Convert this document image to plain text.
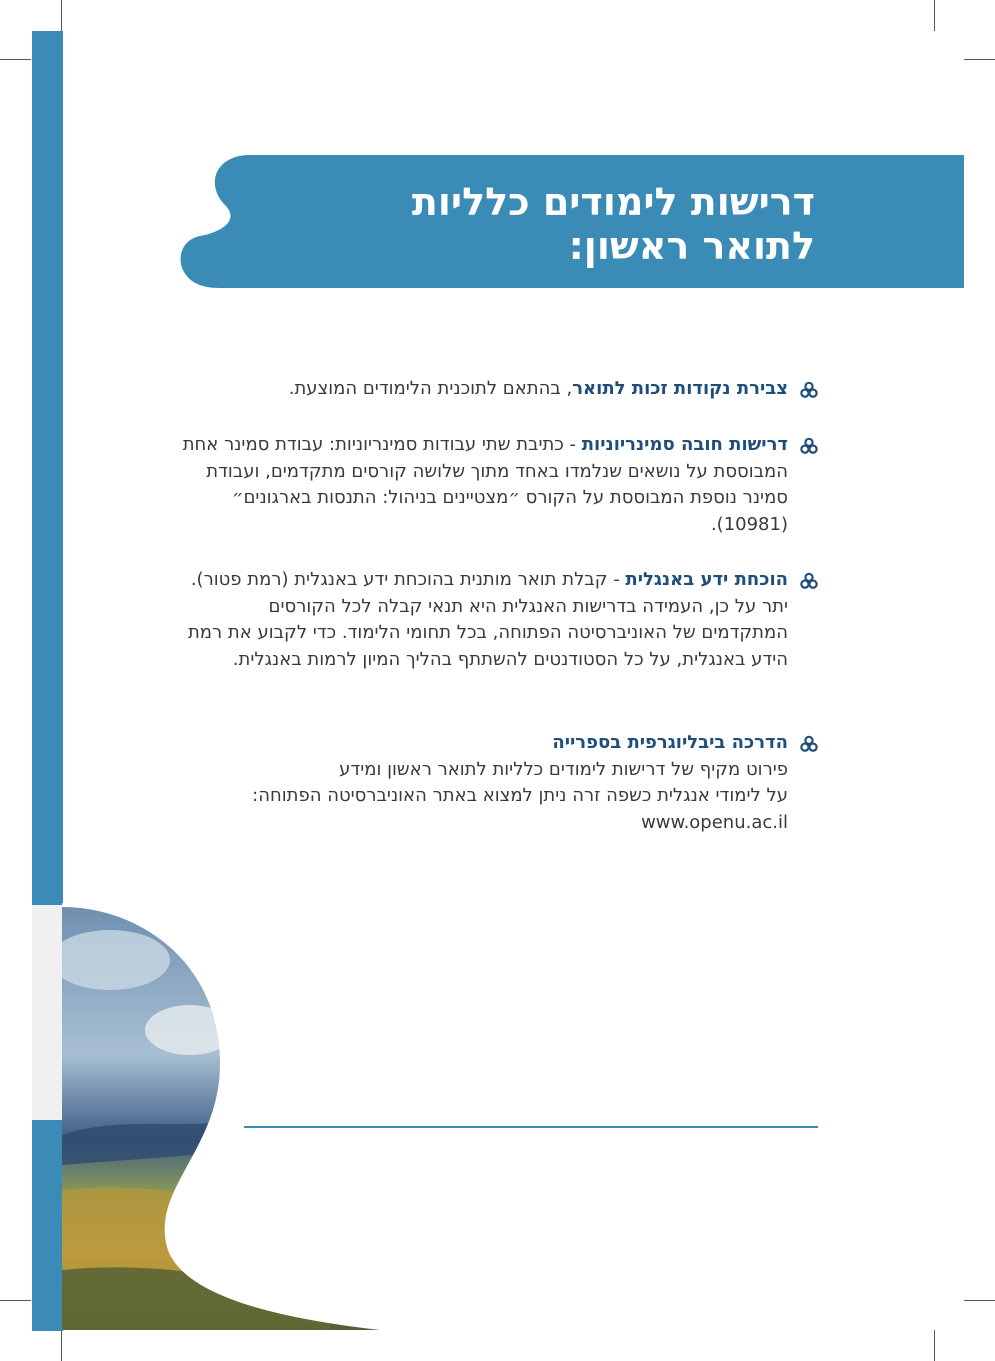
דרישות לימודים כלליות
לתואר ראשון:
צבירת נקודות זכות לתואר, בהתאם לתוכנית הלימודים המוצעת.
דרישות חובה סמינריוניות - כתיבת שתי עבודות סמינריוניות: עבודת סמינר אחת המבוססת על נושאים שנלמדו באחד מתוך שלושה קורסים מתקדמים, ועבודת סמינר נוספת המבוססת על הקורס ״מצטיינים בניהול: התנסות בארגונים״ (10981).
הוכחת ידע באנגלית - קבלת תואר מותנית בהוכחת ידע באנגלית (רמת פטור). יתר על כן, העמידה בדרישות האנגלית היא תנאי קבלה לכל הקורסים המתקדמים של האוניברסיטה הפתוחה, בכל תחומי הלימוד. כדי לקבוע את רמת הידע באנגלית, על כל הסטודנטים להשתתף בהליך המיון לרמות באנגלית.
הדרכה ביבליוגרפית בספרייה
פירוט מקיף של דרישות לימודים כלליות לתואר ראשון ומידע
על לימודי אנגלית כשפה זרה ניתן למצוא באתר האוניברסיטה הפתוחה:
www.openu.ac.il
